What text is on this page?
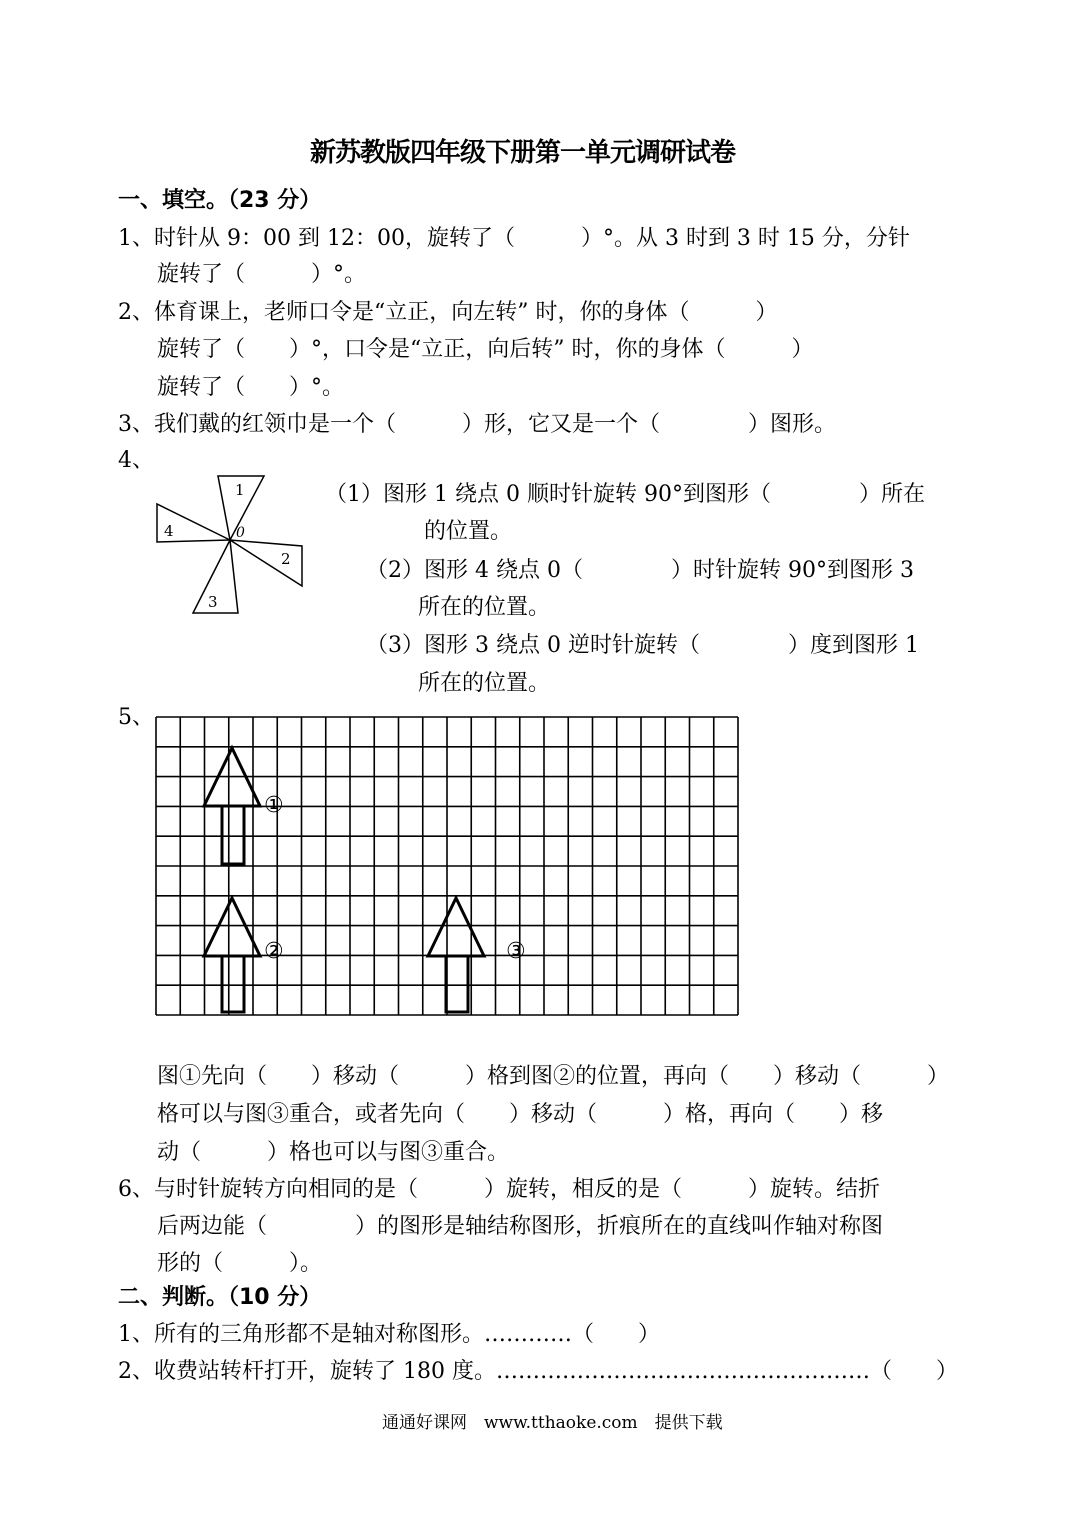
新苏教版四年级下册第一单元调研试卷
一、填空。（23 分）
1、时针从 9：00 到 12：00，旋转了（　　　）°。从 3 时到 3 时 15 分，分针
旋转了（　　　）°。
2、体育课上，老师口令是“立正，向左转” 时，你的身体（　　　）
旋转了（　　）°，口令是“立正，向后转” 时，你的身体（　　　）
旋转了（　　）°。
3、我们戴的红领巾是一个（　　　）形，它又是一个（　　　　）图形。
4、
1
2
3
4	0
（1）图形 1 绕点 0 顺时针旋转 90°到图形（　　　　）所在
的位置。
（2）图形 4 绕点 0（　　　　）时针旋转 90°到图形 3
所在的位置。
（3）图形 3 绕点 0 逆时针旋转（　　　　）度到图形 1
所在的位置。
5、
①
②	③
图①先向（　　）移动（　　　）格到图②的位置，再向（　　）移动（　　　）
格可以与图③重合，或者先向（　　）移动（　　　）格，再向（　　）移
动（　　　）格也可以与图③重合。
6、与时针旋转方向相同的是（　　　）旋转，相反的是（　　　）旋转。结折
后两边能（　　　　）的图形是轴结称图形，折痕所在的直线叫作轴对称图
形的（　　　）。
二、判断。（10 分）
1、所有的三角形都不是轴对称图形。…………（　　）
2、收费站转杆打开，旋转了 180 度。……………………………………………（　　）
通通好课网　www.tthaoke.com　提供下载
